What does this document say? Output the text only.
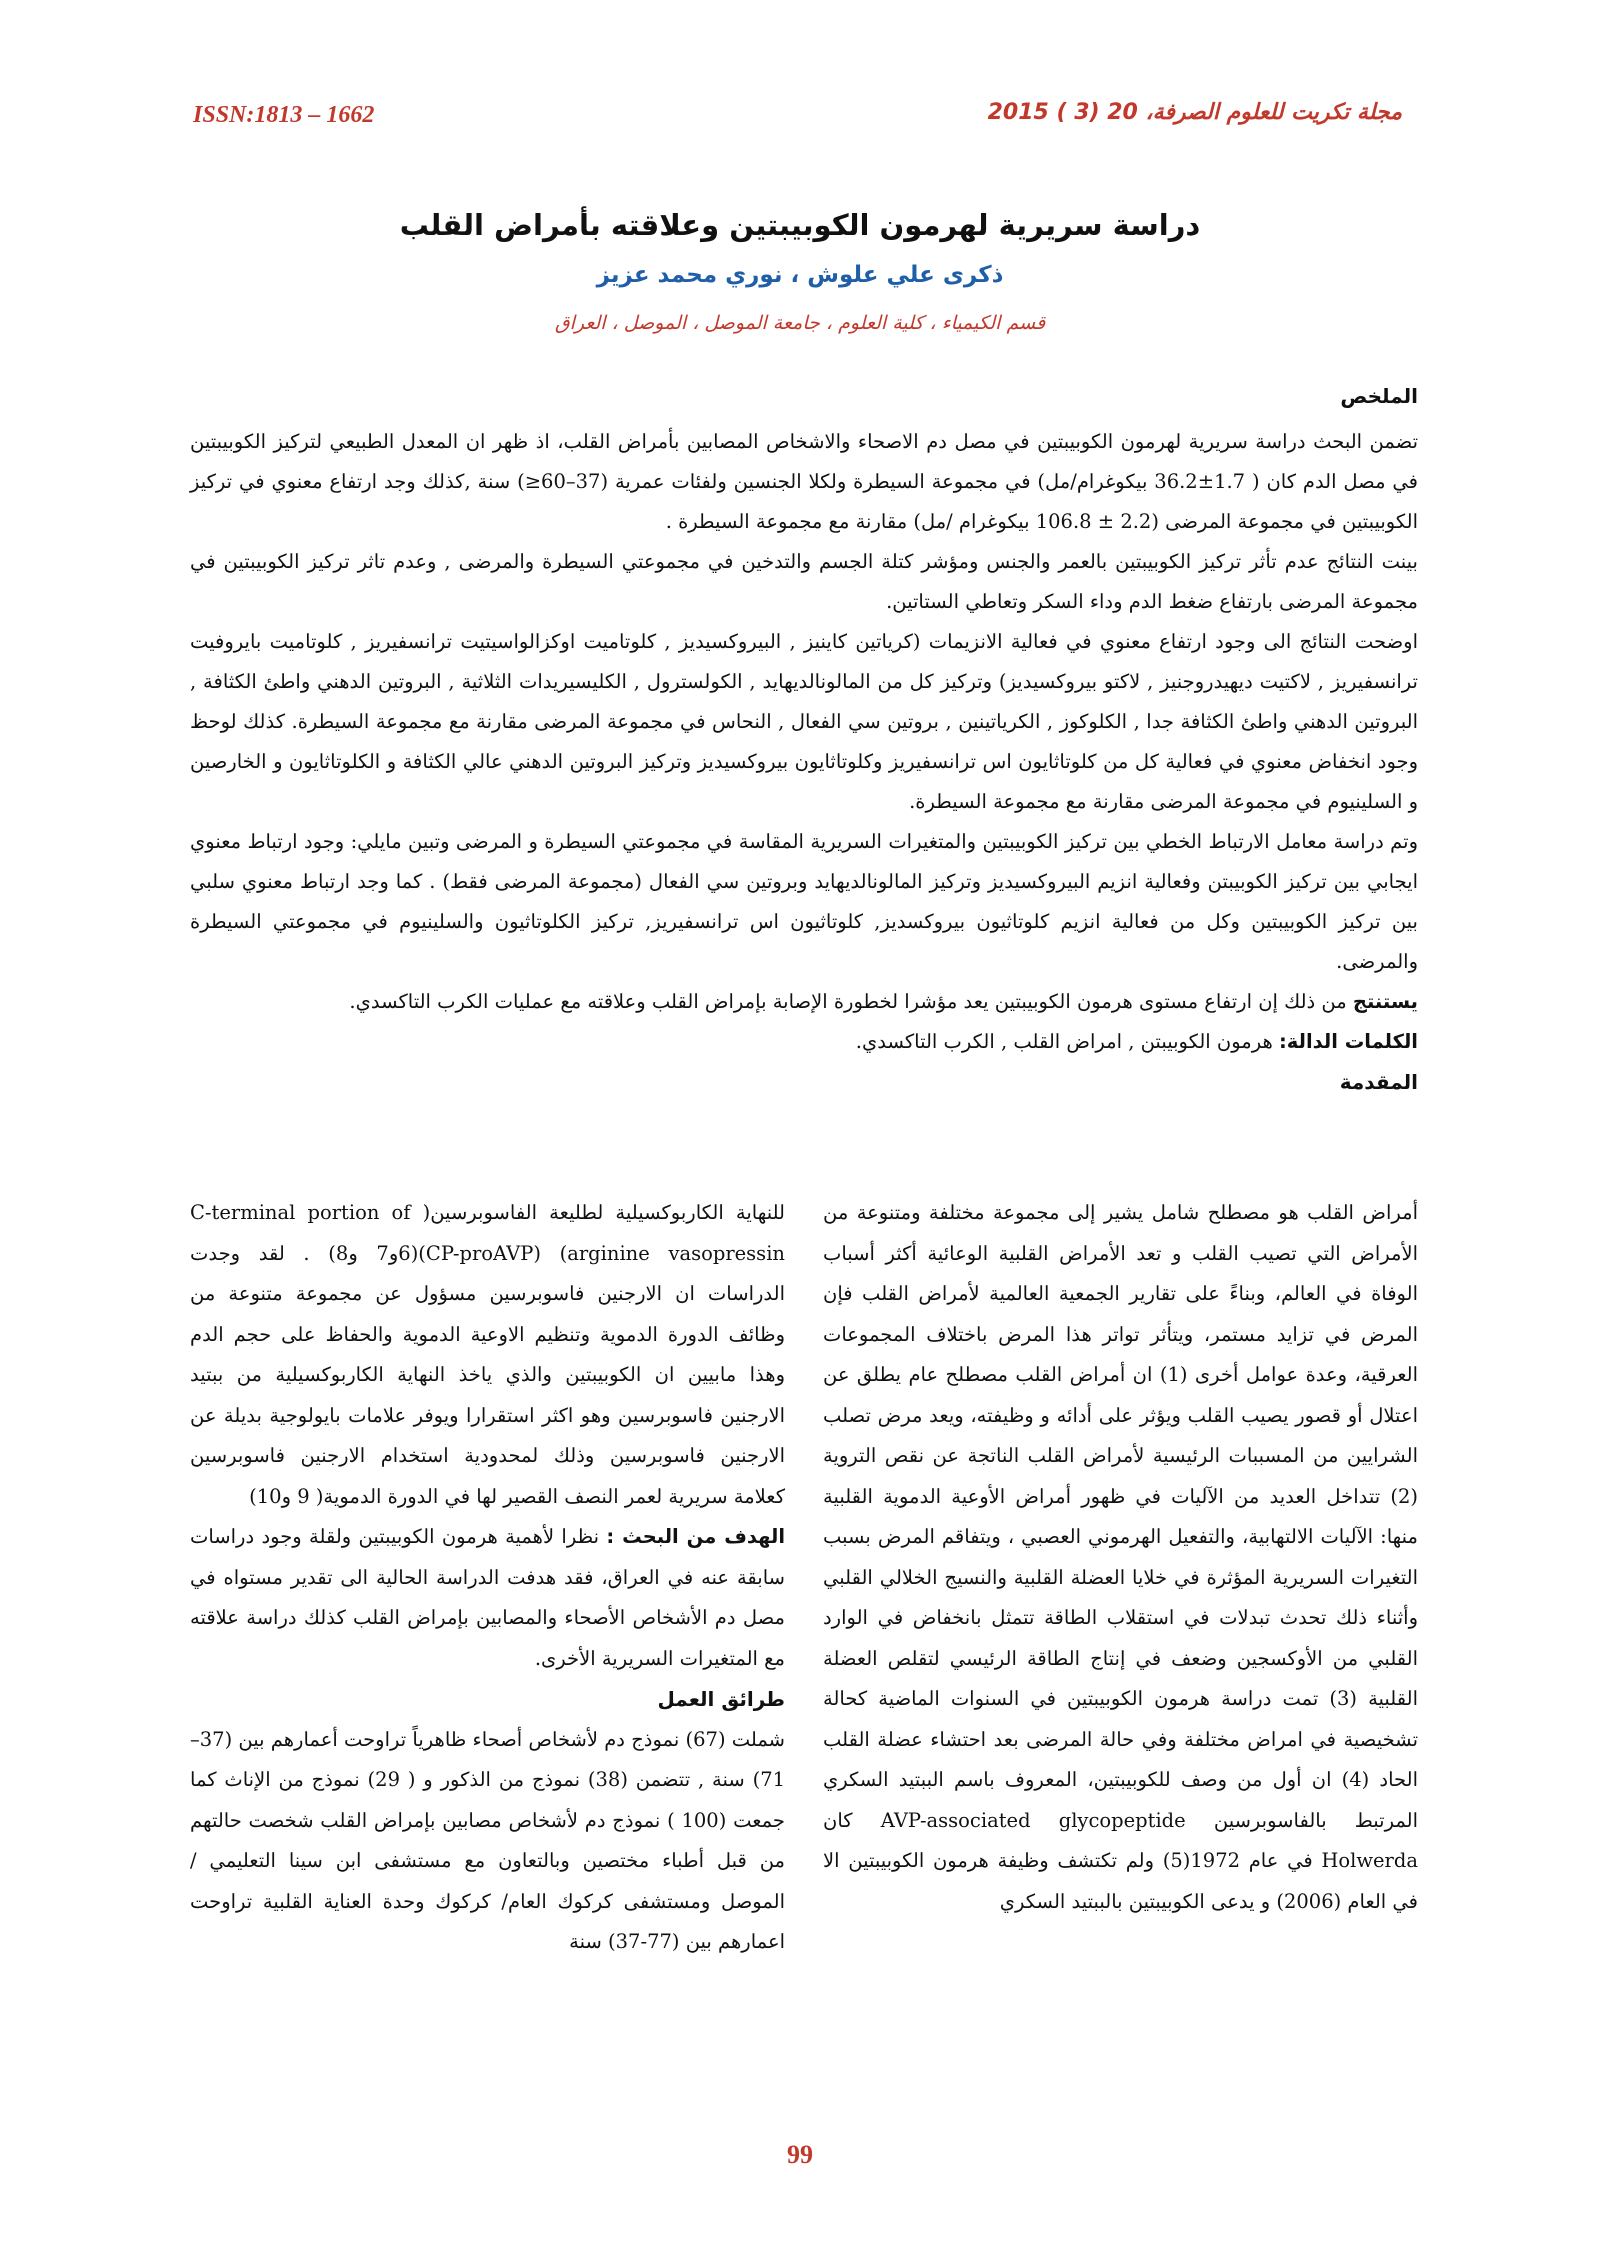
ISSN:1813 – 1662	مجلة تكريت للعلوم الصرفة، 20 (3 ) 2015
دراسة سريرية لهرمون الكوبيبتين وعلاقته بأمراض القلب
ذكرى علي علوش ، نوري محمد عزيز
قسم الكيمياء ، كلية العلوم ، جامعة الموصل ، الموصل ، العراق
الملخص

تضمن البحث دراسة سريرية لهرمون الكوبيبتين في مصل دم الاصحاء والاشخاص المصابين بأمراض القلب، اذ ظهر ان المعدل الطبيعي لتركيز الكوبيبتين في مصل الدم كان ( 1.7±36.2 بيكوغرام/مل) في مجموعة السيطرة ولكلا الجنسين ولفئات عمرية (37–60≤) سنة ,كذلك وجد ارتفاع معنوي في تركيز الكوبيبتين في مجموعة المرضى (2.2 ± 106.8 بيكوغرام /مل) مقارنة مع مجموعة السيطرة .

بينت النتائج عدم تأثر تركيز الكوبيبتين بالعمر والجنس ومؤشر كتلة الجسم والتدخين في مجموعتي السيطرة والمرضى , وعدم تاثر تركيز الكوبيبتين في مجموعة المرضى بارتفاع ضغط الدم وداء السكر وتعاطي الستاتين.

اوضحت النتائج الى وجود ارتفاع معنوي في فعالية الانزيمات (كرياتين كاينيز , البيروكسيديز , كلوتاميت اوكزالواسيتيت ترانسفيريز , كلوتاميت بايروفيت ترانسفيريز , لاكتيت ديهيدروجنيز , لاكتو بيروكسيديز) وتركيز كل من المالونالديهايد , الكولسترول , الكليسيريدات الثلاثية , البروتين الدهني واطئ الكثافة , البروتين الدهني واطئ الكثافة جدا , الكلوكوز , الكرياتينين , بروتين سي الفعال , النحاس في مجموعة المرضى مقارنة مع مجموعة السيطرة. كذلك لوحظ وجود انخفاض معنوي في فعالية كل من كلوتاثايون اس ترانسفيريز وكلوتاثايون بيروكسيديز وتركيز البروتين الدهني عالي الكثافة و الكلوتاثايون و الخارصين و السلينيوم في مجموعة المرضى مقارنة مع مجموعة السيطرة.

وتم دراسة معامل الارتباط الخطي بين تركيز الكوبيبتين والمتغيرات السريرية المقاسة في مجموعتي السيطرة و المرضى وتبين مايلي: وجود ارتباط معنوي ايجابي بين تركيز الكوبيبتن وفعالية انزيم البيروكسيديز وتركيز المالونالديهايد وبروتين سي الفعال (مجموعة المرضى فقط) . كما وجد ارتباط معنوي سلبي بين تركيز الكوبيبتين وكل من فعالية انزيم كلوتاثيون بيروكسديز, كلوتاثيون اس ترانسفيريز, تركيز الكلوتاثيون والسلينيوم في مجموعتي السيطرة والمرضى.

يستنتج من ذلك إن ارتفاع مستوى هرمون الكوبيبتين يعد مؤشرا لخطورة الإصابة بإمراض القلب وعلاقته مع عمليات الكرب التاكسدي.

الكلمات الدالة: هرمون الكوبيبتن , امراض القلب , الكرب التاكسدي.

المقدمة

أمراض القلب هو مصطلح شامل يشير إلى مجموعة مختلفة ومتنوعة من الأمراض التي تصيب القلب و تعد الأمراض القلبية الوعائية أكثر أسباب الوفاة في العالم، وبناءً على تقارير الجمعية العالمية لأمراض القلب فإن المرض في تزايد مستمر، ويتأثر تواتر هذا المرض باختلاف المجموعات العرقية، وعدة عوامل أخرى (1) ان أمراض القلب مصطلح عام يطلق عن اعتلال أو قصور يصيب القلب ويؤثر على أدائه و وظيفته، ويعد مرض تصلب الشرايين من المسببات الرئيسية لأمراض القلب الناتجة عن نقص التروية (2) تتداخل العديد من الآليات في ظهور أمراض الأوعية الدموية القلبية منها: الآليات الالتهابية، والتفعيل الهرموني العصبي ، ويتفاقم المرض بسبب التغيرات السريرية المؤثرة في خلايا العضلة القلبية والنسيج الخلالي القلبي وأثناء ذلك تحدث تبدلات في استقلاب الطاقة تتمثل بانخفاض في الوارد القلبي من الأوكسجين وضعف في إنتاج الطاقة الرئيسي لتقلص العضلة القلبية (3) تمت دراسة هرمون الكوبيبتين في السنوات الماضية كحالة تشخيصية في امراض مختلفة وفي حالة المرضى بعد احتشاء عضلة القلب الحاد (4) ان أول من وصف للكوبيبتين، المعروف باسم الببتيد السكري المرتبط بالفاسوبرسين AVP-associated glycopeptide كان Holwerda في عام 1972(5) ولم تكتشف وظيفة هرمون الكوبيبتين الا في العام (2006) و يدعى الكوبيبتين بالببتيد السكري

للنهاية الكاربوكسيلية لطليعة الفاسوبرسين( C-terminal portion of arginine vasopressin) (CP-proAVP)(6و7 و8) . لقد وجدت الدراسات ان الارجنين فاسوبرسين مسؤول عن مجموعة متنوعة من وظائف الدورة الدموية وتنظيم الاوعية الدموية والحفاظ على حجم الدم وهذا مابيين ان الكوبيبتين والذي ياخذ النهاية الكاربوكسيلية من ببتيد الارجنين فاسوبرسين وهو اكثر استقرارا ويوفر علامات بايولوجية بديلة عن الارجنين فاسوبرسين وذلك لمحدودية استخدام الارجنين فاسوبرسين كعلامة سريرية لعمر النصف القصير لها في الدورة الدموية( 9 و10)

الهدف من البحث : نظرا لأهمية هرمون الكوبيبتين ولقلة وجود دراسات سابقة عنه في العراق، فقد هدفت الدراسة الحالية الى تقدير مستواه في مصل دم الأشخاص الأصحاء والمصابين بإمراض القلب كذلك دراسة علاقته مع المتغيرات السريرية الأخرى.

طرائق العمل

شملت (67) نموذج دم لأشخاص أصحاء ظاهرياً تراوحت أعمارهم بين (37–71) سنة , تتضمن (38) نموذج من الذكور و ( 29) نموذج من الإناث كما جمعت (100 ) نموذج دم لأشخاص مصابين بإمراض القلب شخصت حالتهم من قبل أطباء مختصين وبالتعاون مع مستشفى ابن سينا التعليمي / الموصل ومستشفى كركوك العام/ كركوك وحدة العناية القلبية تراوحت اعمارهم بين (77-37) سنة

99
